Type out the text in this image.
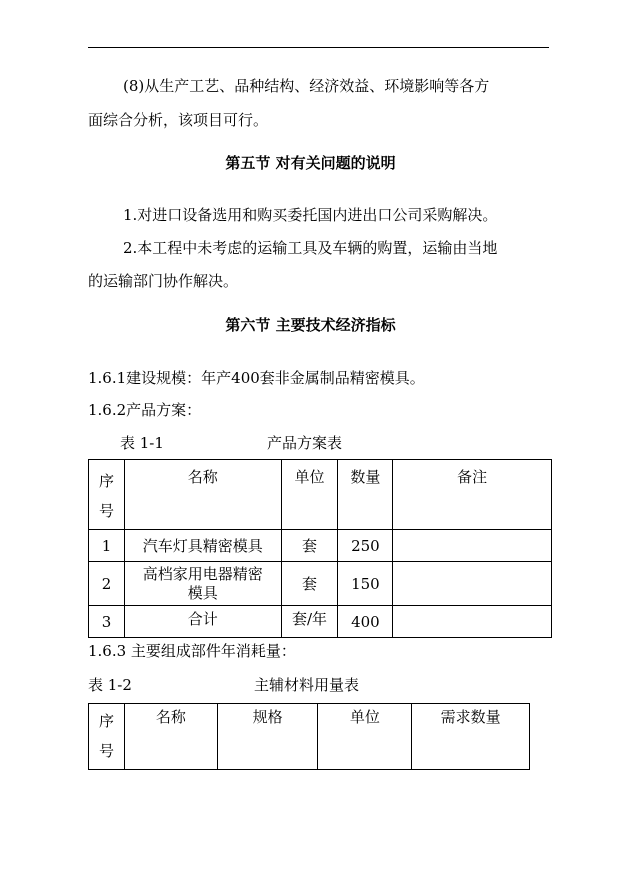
(8)从生产工艺、品种结构、经济效益、环境影响等各方
面综合分析，该项目可行。
第五节 对有关问题的说明
1.对进口设备选用和购买委托国内进出口公司采购解决。
2.本工程中未考虑的运输工具及车辆的购置，运输由当地
的运输部门协作解决。
第六节 主要技术经济指标
1.6.1建设规模：年产400套非金属制品精密模具。
1.6.2产品方案：
表 1-1	产品方案表
序
号	名称	单位	数量	备注
1	汽车灯具精密模具	套	250	
2	高档家用电器精密
模具	套	150	
3	合计	套/年	400	
1.6.3 主要组成部件年消耗量：
表 1-2	主辅材料用量表
序
号	名称	规格	单位	需求数量
